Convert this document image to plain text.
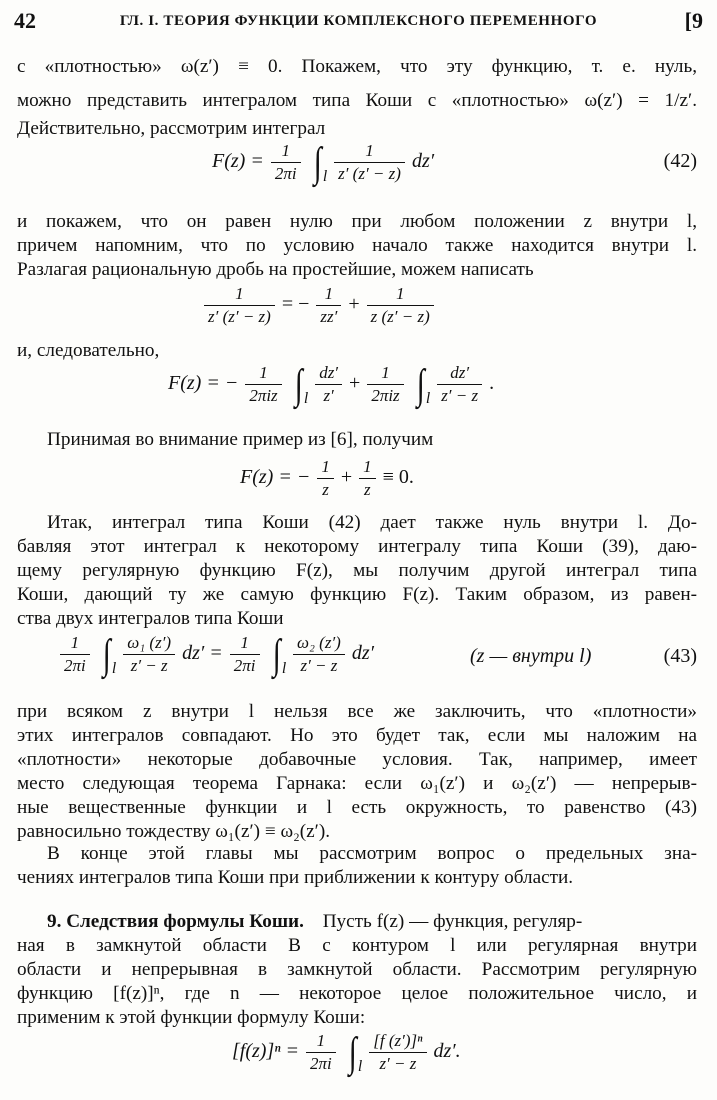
42	ГЛ. I. ТЕОРИЯ ФУНКЦИИ КОМПЛЕКСНОГО ПЕРЕМЕННОГО	[9
с «плотностью» ω(z′) ≡ 0. Покажем, что эту функцию, т. е. нуль,
можно представить интегралом типа Коши с «плотностью» ω(z′) = 1/z′.
Действительно, рассмотрим интеграл
$F(z) = \frac{1}{2\pi i}$ ∫ l
$\frac{1}{z' (z' - z)} dz'$	(42)
и покажем, что он равен нулю при любом положении z внутри l,
причем напомним, что по условию начало также находится внутри l.
Разлагая рациональную дробь на простейшие, можем написать
$\frac{1}{z' (z' - z)}$ = − $\frac{1}{zz'} + \frac{1}{z (z' - z)}$
и, следовательно,
F(z) = −	1
2πiz ∫ l
$\frac{dz'}{z'}$ +	1
2πiz ∫ l
$\frac{dz'}{z' - z}$ .
Принимая во внимание пример из [6], получим
F(z) = − $\frac{1}{z} + \frac{1}{z} \equiv 0$.
Итак, интеграл типа Коши (42) дает также нуль внутри l. До-
бавляя этот интеграл к некоторому интегралу типа Коши (39), даю-
щему регулярную функцию F(z), мы получим другой интеграл типа
Коши, дающий ту же самую функцию F(z). Таким образом, из равен-
ства двух интегралов типа Коши
$\frac{1}{2\pi i}$ ∫ l
$\frac{\text{ω₁ (z′)}}{z' - z} dz' = \frac{1}{2\pi i}$ ∫ l
$\frac{\text{ω₂ (z′)}}{z' - z} dz'$	(z — внутри l)	(43)
при всяком z внутри l нельзя все же заключить, что «плотности»
этих интегралов совпадают. Но это будет так, если мы наложим на
«плотности» некоторые добавочные условия. Так, например, имеет
место следующая теорема Гарнака: если ω₁(z′) и ω₂(z′) — непрерыв-
ные вещественные функции и l есть окружность, то равенство (43)
равносильно тождеству ω₁(z′) ≡ ω₂(z′).
В конце этой главы мы рассмотрим вопрос о предельных зна-
чениях интегралов типа Коши при приближении к контуру области.
9. Следствия формулы Коши. Пусть f(z) — функция, регуляр-
ная в замкнутой области B с контуром l или регулярная внутри
области и непрерывная в замкнутой области. Рассмотрим регулярную
функцию [f(z)]ⁿ, где n — некоторое целое положительное число, и
применим к этой функции формулу Коши:
$[f(z)]^n = \frac{1}{2\pi i}$ ∫ l
$\frac{\text{[f (z′)]ⁿ}}{z' - z} dz'$.
